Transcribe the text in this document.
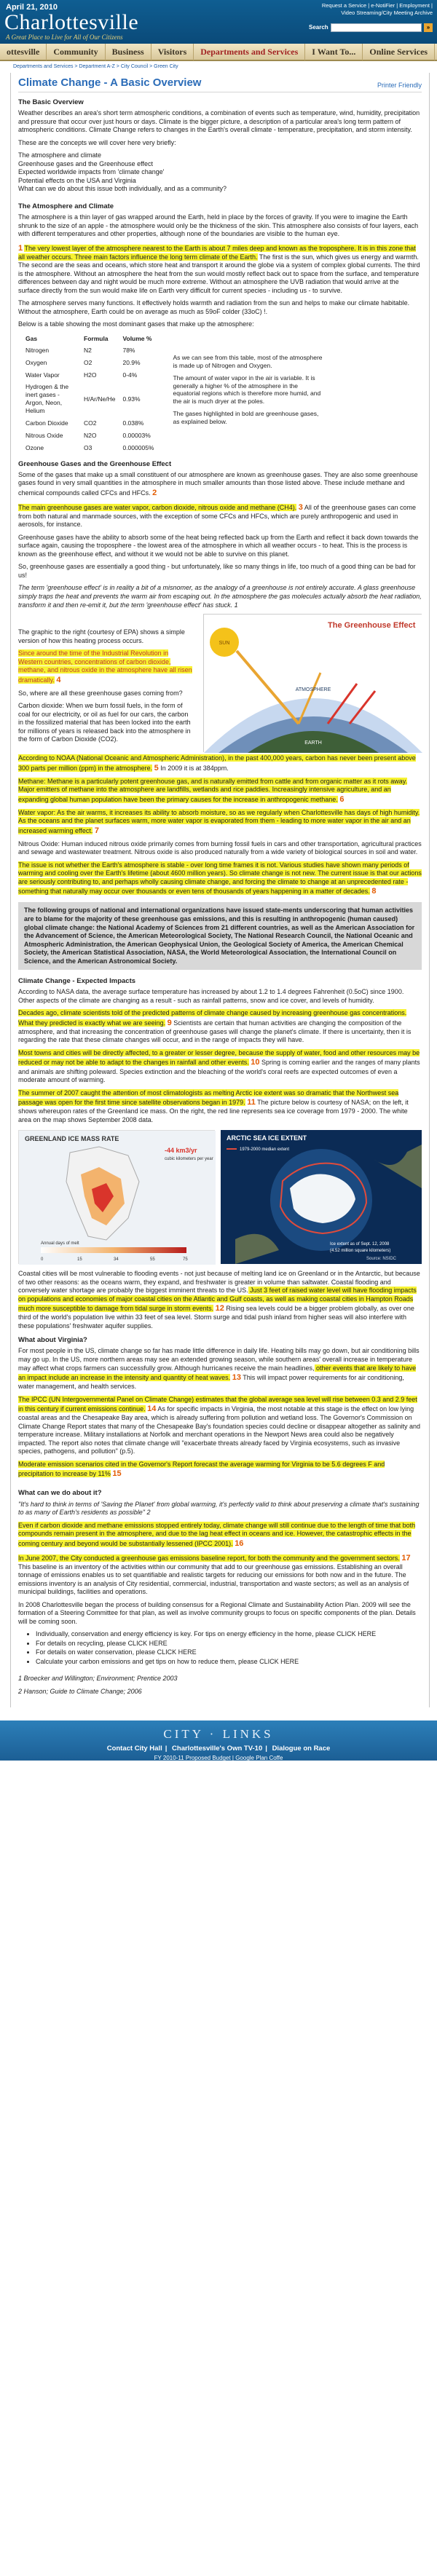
April 21, 2010
Charlottesville
A Great Place to Live for All of Our Citizens
Request a Service | e-NotiFier | Employment |
Video Streaming/City Meeting Archive
Search	»
ottesville	Community	Business	Visitors	Departments and Services	I Want To...	Online Services
Departments and Services > Department A-Z > City Council > Green City
Climate Change - A Basic Overview	Printer Friendly
The Basic Overview

Weather describes an area's short term atmospheric conditions, a combination of events such as temperature, wind, humidity, precipitation and pressure that occur over just hours or days. Climate is the bigger picture, a description of a particular area's long term pattern of atmospheric conditions. Climate Change refers to changes in the Earth's overall climate - temperature, precipitation, and storm intensity.

These are the concepts we will cover here very briefly:

The atmosphere and climate

Greenhouse gases and the Greenhouse effect

Expected worldwide impacts from 'climate change'

Potential effects on the USA and Virginia

What can we do about this issue both individually, and as a community?

The Atmosphere and Climate

The atmosphere is a thin layer of gas wrapped around the Earth, held in place by the forces of gravity. If you were to imagine the Earth shrunk to the size of an apple - the atmosphere would only be the thickness of the skin. This atmosphere also consists of four layers, each with different temperatures and other properties, although none of the boundaries are visible to the human eye.

1 The very lowest layer of the atmosphere nearest to the Earth is about 7 miles deep and known as the troposphere. It is in this zone that all weather occurs. Three main factors influence the long term climate of the Earth. The first is the sun, which gives us energy and warmth. The second are the seas and oceans, which store heat and transport it around the globe via a system of complex global currents. The third is the atmosphere. Without an atmosphere the heat from the sun would mostly reflect back out to space from the surface, and temperature differences between day and night would be much more extreme. Without an atmosphere the UVB radiation that would arrive at the surface directly from the sun would make life on Earth very difficult for current species - including us - to survive.

The atmosphere serves many functions. It effectively holds warmth and radiation from the sun and helps to make our climate habitable. Without the atmosphere, Earth could be on average as much as 59oF colder (33oC) !.

Below is a table showing the most dominant gases that make up the atmosphere:

Gas	Formula	Volume %
Nitrogen	N2	78%
Oxygen	O2	20.9%
Water Vapor	H2O	0-4%
Hydrogen & the inert gases - Argon, Neon, Helium	H/Ar/Ne/He	0.93%
Carbon Dioxide	CO2	0.038%
Nitrous Oxide	N2O	0.00003%
Ozone	O3	0.000005%

As we can see from this table, most of the atmosphere is made up of Nitrogen and Oxygen.

The amount of water vapor in the air is variable. It is generally a higher % of the atmosphere in the equatorial regions which is therefore more humid, and the air is much dryer at the poles.

The gases highlighted in bold are greenhouse gases, as explained below.

Greenhouse Gases and the Greenhouse Effect

Some of the gases that make up a small constituent of our atmosphere are known as greenhouse gases. They are also some greenhouse gases found in very small quantities in the atmosphere in much smaller amounts than those listed above. These include methane and chemical compounds called CFCs and HFCs. 2

The main greenhouse gases are water vapor, carbon dioxide, nitrous oxide and methane (CH4). 3 All of the greenhouse gases can come from both natural and manmade sources, with the exception of some CFCs and HFCs, which are purely anthropogenic and used in aerosols, for instance.

Greenhouse gases have the ability to absorb some of the heat being reflected back up from the Earth and reflect it back down towards the surface again, causing the troposphere - the lowest area of the atmosphere in which all weather occurs - to heat. This is the process is known as the greenhouse effect, and without it we would not be able to survive on this planet.

So, greenhouse gases are essentially a good thing - but unfortunately, like so many things in life, too much of a good thing can be bad for us!

The term 'greenhouse effect' is in reality a bit of a misnomer, as the analogy of a greenhouse is not entirely accurate. A glass greenhouse simply traps the heat and prevents the warm air from escaping out. In the atmosphere the gas molecules actually absorb the heat radiation, transform it and then re-emit it, but the term 'greenhouse effect' has stuck. 1

The graphic to the right (courtesy of EPA) shows a simple version of how this heating process occurs.

Since around the time of the Industrial Revolution in Western countries, concentrations of carbon dioxide, methane, and nitrous oxide in the atmosphere have all risen dramatically. 4

So, where are all these greenhouse gases coming from?

Carbon dioxide: When we burn fossil fuels, in the form of coal for our electricity, or oil as fuel for our cars, the carbon in the fossilized material that has been locked into the earth for millions of years is released back into the atmosphere in the form of Carbon Dioxide (CO2).

SUN
The Greenhouse Effect
ATMOSPHERE
EARTH

According to NOAA (National Oceanic and Atmospheric Administration), in the past 400,000 years, carbon has never been present above 300 parts per million (ppm) in the atmosphere. 5 In 2009 it is at 384ppm.

Methane: Methane is a particularly potent greenhouse gas, and is naturally emitted from cattle and from organic matter as it rots away. Major emitters of methane into the atmosphere are landfills, wetlands and rice paddies. Increasingly intensive agriculture, and an expanding global human population have been the primary causes for the increase in anthropogenic methane. 6

Water vapor: As the air warms, it increases its ability to absorb moisture, so as we regularly when Charlottesville has days of high humidity. As the oceans and the planet surfaces warm, more water vapor is evaporated from them - leading to more water vapor in the air and an increased warming effect. 7

Nitrous Oxide: Human induced nitrous oxide primarily comes from burning fossil fuels in cars and other transportation, agricultural practices and sewage and wastewater treatment. Nitrous oxide is also produced naturally from a wide variety of biological sources in soil and water.

The issue is not whether the Earth's atmosphere is stable - over long time frames it is not. Various studies have shown many periods of warming and cooling over the Earth's lifetime (about 4600 million years). So climate change is not new. The current issue is that our actions are seriously contributing to, and perhaps wholly causing climate change, and forcing the climate to change at an unprecedented rate - something that naturally may occur over thousands or even tens of thousands of years happening in a matter of decades. 8

The following groups of national and international organizations have issued state-ments underscoring that human activities are to blame for the majority of these greenhouse gas emissions, and this is resulting in anthropogenic (human caused) global climate change: the National Academy of Sciences from 21 different countries, as well as the American Association for the Advancement of Science, the American Meteorological Society, The National Research Council, the National Oceanic and Atmospheric Administration, the American Geophysical Union, the Geological Society of America, the American Chemical Society, the American Statistical Association, NASA, the World Meteorological Association, the International Council on Science, and the American Astronomical Society.
Climate Change - Expected Impacts

According to NASA data, the average surface temperature has increased by about 1.2 to 1.4 degrees Fahrenheit (0.5oC) since 1900. Other aspects of the climate are changing as a result - such as rainfall patterns, snow and ice cover, and levels of humidity.

Decades ago, climate scientists told of the predicted patterns of climate change caused by increasing greenhouse gas concentrations. What they predicted is exactly what we are seeing. 9 Scientists are certain that human activities are changing the composition of the atmosphere, and that increasing the concentration of greenhouse gases will change the planet's climate. If there is uncertainty, then it is regarding the rate that these climate changes will occur, and in the range of impacts they will have.

Most towns and cities will be directly affected, to a greater or lesser degree, because the supply of water, food and other resources may be reduced or may not be able to adapt to the changes in rainfall and other events. 10 Spring is coming earlier and the ranges of many plants and animals are shifting poleward. Species extinction and the bleaching of the world's coral reefs are expected outcomes of even a moderate amount of warming.

The summer of 2007 caught the attention of most climatologists as melting Arctic ice extent was so dramatic that the Northwest sea passage was open for the first time since satellite observations began in 1979. 11 The picture below is courtesy of NASA; on the left, it shows whereupon rates of the Greenland ice mass. On the right, the red line represents sea ice coverage from 1979 - 2000. The white area on the map shows September 2008 data.

GREENLAND ICE MASS RATE
-44 km3/yr
cubic kilometers per year
0	15	34	55	75
Annual days of melt
ARCTIC SEA ICE EXTENT
Ice extent as of Sept. 12, 2008
(4.52 million square kilometers)
Source: NSIDC
1979-2000 median extent

Coastal cities will be most vulnerable to flooding events - not just because of melting land ice on Greenland or in the Antarctic, but because of two other reasons: as the oceans warm, they expand, and freshwater is greater in volume than saltwater. Coastal flooding and conversely water shortage are probably the biggest imminent threats to the US. Just 3 feet of raised water level will have flooding impacts on populations and economies of major coastal cities on the Atlantic and Gulf coasts, as well as making coastal cities in Hampton Roads much more susceptible to damage from tidal surge in storm events. 12 Rising sea levels could be a bigger problem globally, as over one third of the world's population live within 33 feet of sea level. Storm surge and tidal push inland from higher seas will also interfere with these populations' freshwater aquifer supplies.

What about Virginia?

For most people in the US, climate change so far has made little difference in daily life. Heating bills may go down, but air conditioning bills may go up. In the US, more northern areas may see an extended growing season, while southern areas' overall increase in temperature may affect what crops farmers can successfully grow. Although hurricanes receive the main headlines, other events that are likely to have an impact include an increase in the intensity and quantity of heat waves. 13 This will impact power requirements for air conditioning, water management, and health services.

The IPCC (UN Intergovernmental Panel on Climate Change) estimates that the global average sea level will rise between 0.3 and 2.9 feet in this century if current emissions continue. 14 As for specific impacts in Virginia, the most notable at this stage is the effect on low lying coastal areas and the Chesapeake Bay area, which is already suffering from pollution and wetland loss. The Governor's Commission on Climate Change Report states that many of the Chesapeake Bay's foundation species could decline or disappear altogether as salinity and temperature increase. Military installations at Norfolk and merchant operations in the Newport News area could also be negatively impacted. The report also notes that climate change will "exacerbate threats already faced by Virginia ecosystems, such as invasive species, pathogens, and pollution" (p.5).

Moderate emission scenarios cited in the Governor's Report forecast the average warming for Virginia to be 5.6 degrees F and precipitation to increase by 11% 15

What can we do about it?

"It's hard to think in terms of 'Saving the Planet' from global warming, it's perfectly valid to think about preserving a climate that's sustaining to as many of Earth's residents as possible" 2

Even if carbon dioxide and methane emissions stopped entirely today, climate change will still continue due to the length of time that both compounds remain present in the atmosphere, and due to the lag heat effect in oceans and ice. However, the catastrophic effects in the coming century and beyond would be substantially lessened (IPCC 2001). 16

In June 2007, the City conducted a greenhouse gas emissions baseline report, for both the community and the government sectors. 17 This baseline is an inventory of the activities within our community that add to our greenhouse gas emissions. Establishing an overall tonnage of emissions enables us to set quantifiable and realistic targets for reducing our emissions for both now and in the future. The emissions inventory is an analysis of City residential, commercial, industrial, transportation and waste sectors; as well as an analysis of municipal buildings, facilities and operations.

In 2008 Charlottesville began the process of building consensus for a Regional Climate and Sustainability Action Plan. 2009 will see the formation of a Steering Committee for that plan, as well as involve community groups to focus on specific components of the plan. Details will be coming soon.

• Individually, conservation and energy efficiency is key. For tips on energy efficiency in the home, please CLICK HERE
• For details on recycling, please CLICK HERE
• For details on water conservation, please CLICK HERE
• Calculate your carbon emissions and get tips on how to reduce them, please CLICK HERE

1 Broecker and Willington; Environment; Prentice 2003

2 Hanson; Guide to Climate Change; 2006

CITY · LINKS
Contact City Hall | Charlottesville's Own TV-10 | Dialogue on Race
FY 2010-11 Proposed Budget | Google Plan Coffe
